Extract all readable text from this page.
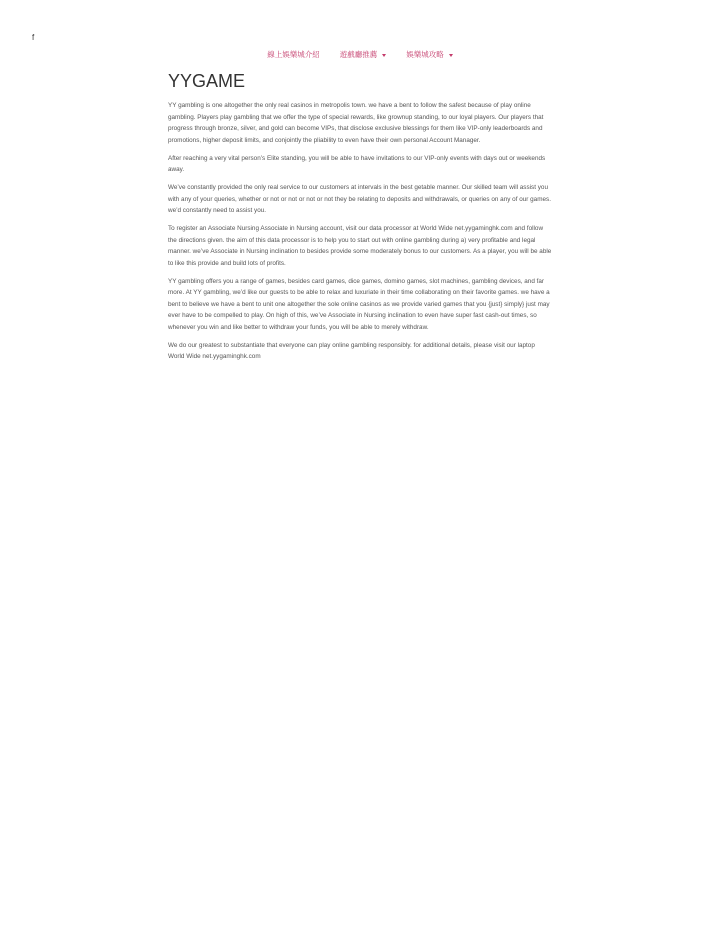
f
線上娛樂城介紹	遊戲廳推薦	娛樂城攻略
YYGAME

YY gambling is one altogether the only real casinos in metropolis town. we have a bent to follow the safest because of play online gambling. Players play gambling that we offer the type of special rewards, like grownup standing, to our loyal players. Our players that progress through bronze, silver, and gold can become VIPs, that disclose exclusive blessings for them like VIP-only leaderboards and promotions, higher deposit limits, and conjointly the pliability to even have their own personal Account Manager.

After reaching a very vital person’s Elite standing, you will be able to have invitations to our VIP-only events with days out or weekends away.

We’ve constantly provided the only real service to our customers at intervals in the best getable manner. Our skilled team will assist you with any of your queries, whether or not or not or not or not they be relating to deposits and withdrawals, or queries on any of our games. we’d constantly need to assist you.

To register an Associate Nursing Associate in Nursing account, visit our data processor at World Wide net.yygaminghk.com and follow the directions given. the aim of this data processor is to help you to start out with online gambling during a) very profitable and legal manner. we’ve Associate in Nursing inclination to besides provide some moderately bonus to our customers. As a player, you will be able to like this provide and build lots of profits.

YY gambling offers you a range of games, besides card games, dice games, domino games, slot machines, gambling devices, and far more. At YY gambling, we’d like our guests to be able to relax and luxuriate in their time collaborating on their favorite games. we have a bent to believe we have a bent to unit one altogether the sole online casinos as we provide varied games that you {just} simply} just may ever have to be compelled to play. On high of this, we’ve Associate in Nursing inclination to even have super fast cash-out times, so whenever you win and like better to withdraw your funds, you will be able to merely withdraw.

We do our greatest to substantiate that everyone can play online gambling responsibly. for additional details, please visit our laptop World Wide net.yygaminghk.com
